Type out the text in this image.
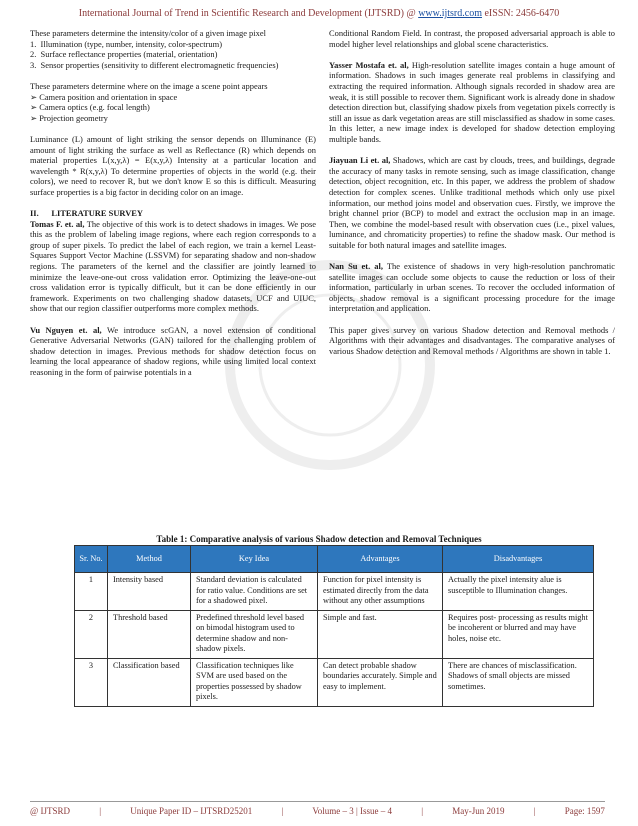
International Journal of Trend in Scientific Research and Development (IJTSRD) @ www.ijtsrd.com eISSN: 2456-6470

These parameters determine the intensity/color of a given image pixel

1. Illumination (type, number, intensity, color-spectrum)
2. Surface reflectance properties (material, orientation)
3. Sensor properties (sensitivity to different electromagnetic frequencies)

These parameters determine where on the image a scene point appears

➢ Camera position and orientation in space
➢ Camera optics (e.g. focal length)
➢ Projection geometry

Luminance (L) amount of light striking the sensor depends on Illuminance (E) amount of light striking the surface as well as Reflectance (R) which depends on material properties L(x,y,λ) = E(x,y,λ) Intensity at a particular location and wavelength * R(x,y,λ) To determine properties of objects in the world (e.g. their colors), we need to recover R, but we don't know E so this is difficult. Measuring surface properties is a big factor in deciding color on an image.

II. LITERATURE SURVEY

Tomas F. et. al, The objective of this work is to detect shadows in images. We pose this as the problem of labeling image regions, where each region corresponds to a group of super pixels. To predict the label of each region, we train a kernel Least-Squares Support Vector Machine (LSSVM) for separating shadow and non-shadow regions. The parameters of the kernel and the classifier are jointly learned to minimize the leave-one-out cross validation error. Optimizing the leave-one-out cross validation error is typically difficult, but it can be done efficiently in our framework. Experiments on two challenging shadow datasets, UCF and UIUC, show that our region classifier outperforms more complex methods.

Vu Nguyen et. al, We introduce scGAN, a novel extension of conditional Generative Adversarial Networks (GAN) tailored for the challenging problem of shadow detection in images. Previous methods for shadow detection focus on learning the local appearance of shadow regions, while using limited local context reasoning in the form of pairwise potentials in a

Conditional Random Field. In contrast, the proposed adversarial approach is able to model higher level relationships and global scene characteristics.

Yasser Mostafa et. al, High-resolution satellite images contain a huge amount of information. Shadows in such images generate real problems in classifying and extracting the required information. Although signals recorded in shadow area are weak, it is still possible to recover them. Significant work is already done in shadow detection direction but, classifying shadow pixels from vegetation pixels correctly is still an issue as dark vegetation areas are still misclassified as shadow in some cases. In this letter, a new image index is developed for shadow detection employing multiple bands.

Jiayuan Li et. al, Shadows, which are cast by clouds, trees, and buildings, degrade the accuracy of many tasks in remote sensing, such as image classification, change detection, object recognition, etc. In this paper, we address the problem of shadow detection for complex scenes. Unlike traditional methods which only use pixel information, our method joins model and observation cues. Firstly, we improve the bright channel prior (BCP) to model and extract the occlusion map in an image. Then, we combine the model-based result with observation cues (i.e., pixel values, luminance, and chromaticity properties) to refine the shadow mask. Our method is suitable for both natural images and satellite images.

Nan Su et. al, The existence of shadows in very high-resolution panchromatic satellite images can occlude some objects to cause the reduction or loss of their information, particularly in urban scenes. To recover the occluded information of objects, shadow removal is a significant processing procedure for the image interpretation and application.

This paper gives survey on various Shadow detection and Removal methods / Algorithms with their advantages and disadvantages. The comparative analyses of various Shadow detection and Removal methods / Algorithms are shown in table 1.

Table 1: Comparative analysis of various Shadow detection and Removal Techniques
Sr. No.	Method	Key Idea	Advantages	Disadvantages
1	Intensity based	Standard deviation is calculated for ratio value. Conditions are set for a shadowed pixel.	Function for pixel intensity is estimated directly from the data without any other assumptions	Actually the pixel intensity alue is susceptible to Illumination changes.
2	Threshold based	Predefined threshold level based on bimodal histogram used to determine shadow and non-shadow pixels.	Simple and fast.	Requires post- processing as results might be incoherent or blurred and may have holes, noise etc.
3	Classification based	Classification techniques like SVM are used based on the properties possessed by shadow pixels.	Can detect probable shadow boundaries accurately. Simple and easy to implement.	There are chances of misclassification. Shadows of small objects are missed sometimes.
@ IJTSRD	|	Unique Paper ID – IJTSRD25201	|	Volume – 3 | Issue – 4	|	May-Jun 2019	|	Page: 1597
